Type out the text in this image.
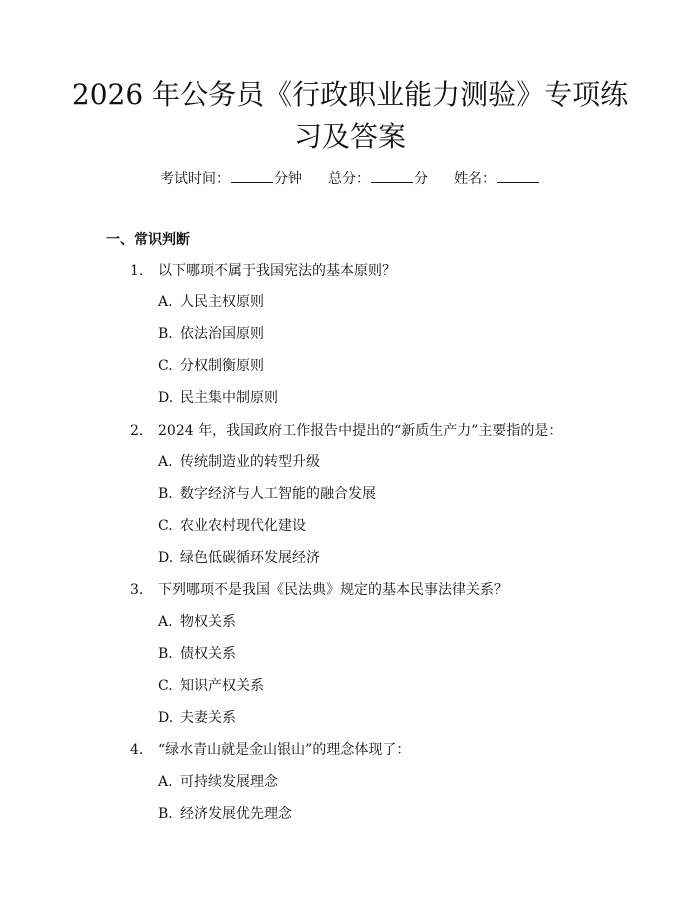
2026 年公务员《行政职业能力测验》专项练习及答案
考试时间：	分钟 总分：	分 姓名：
一、常识判断
1. 以下哪项不属于我国宪法的基本原则？
A. 人民主权原则
B. 依法治国原则
C. 分权制衡原则
D. 民主集中制原则
2. 2024 年，我国政府工作报告中提出的“新质生产力”主要指的是：
A. 传统制造业的转型升级
B. 数字经济与人工智能的融合发展
C. 农业农村现代化建设
D. 绿色低碳循环发展经济
3. 下列哪项不是我国《民法典》规定的基本民事法律关系？
A. 物权关系
B. 债权关系
C. 知识产权关系
D. 夫妻关系
4. “绿水青山就是金山银山”的理念体现了：
A. 可持续发展理念
B. 经济发展优先理念
